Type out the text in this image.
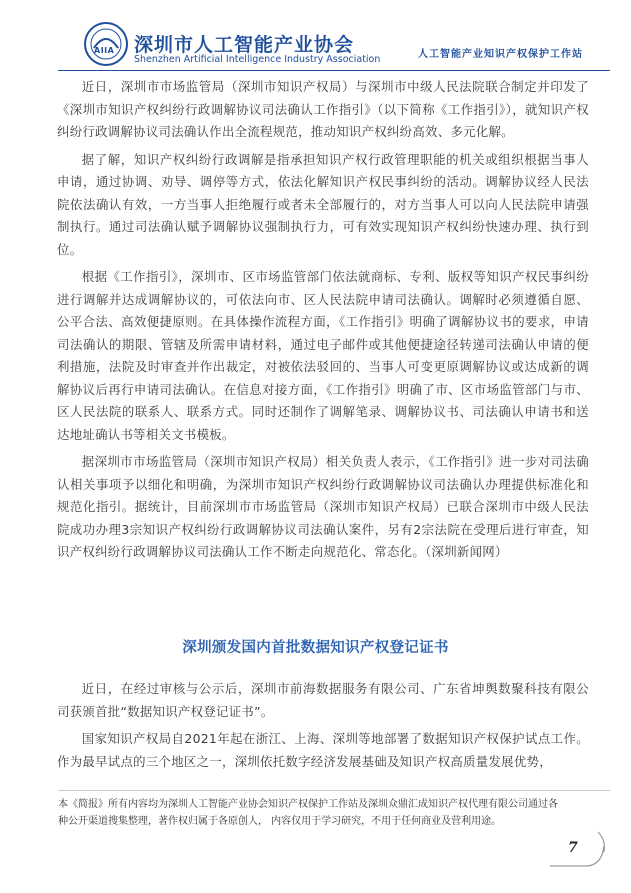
AIIA 深圳市人工智能产业协会
Shenzhen Artificial Intelligence Industry Association	人工智能产业知识产权保护工作站

近日，深圳市市场监管局（深圳市知识产权局）与深圳市中级人民法院联合制定并印发了《深圳市知识产权纠纷行政调解协议司法确认工作指引》（以下简称《工作指引》），就知识产权纠纷行政调解协议司法确认作出全流程规范，推动知识产权纠纷高效、多元化解。

据了解，知识产权纠纷行政调解是指承担知识产权行政管理职能的机关或组织根据当事人申请，通过协调、劝导、调停等方式，依法化解知识产权民事纠纷的活动。调解协议经人民法院依法确认有效，一方当事人拒绝履行或者未全部履行的，对方当事人可以向人民法院申请强制执行。通过司法确认赋予调解协议强制执行力，可有效实现知识产权纠纷快速办理、执行到位。

根据《工作指引》，深圳市、区市场监管部门依法就商标、专利、版权等知识产权民事纠纷进行调解并达成调解协议的，可依法向市、区人民法院申请司法确认。调解时必须遵循自愿、公平合法、高效便捷原则。在具体操作流程方面，《工作指引》明确了调解协议书的要求，申请司法确认的期限、管辖及所需申请材料，通过电子邮件或其他便捷途径转递司法确认申请的便利措施，法院及时审查并作出裁定，对被依法驳回的、当事人可变更原调解协议或达成新的调解协议后再行申请司法确认。在信息对接方面，《工作指引》明确了市、区市场监管部门与市、区人民法院的联系人、联系方式。同时还制作了调解笔录、调解协议书、司法确认申请书和送达地址确认书等相关文书模板。

据深圳市市场监管局（深圳市知识产权局）相关负责人表示，《工作指引》进一步对司法确认相关事项予以细化和明确，为深圳市知识产权纠纷行政调解协议司法确认办理提供标准化和规范化指引。据统计，目前深圳市市场监管局（深圳市知识产权局）已联合深圳市中级人民法院成功办理3宗知识产权纠纷行政调解协议司法确认案件，另有2宗法院在受理后进行审查，知识产权纠纷行政调解协议司法确认工作不断走向规范化、常态化。（深圳新闻网）

深圳颁发国内首批数据知识产权登记证书

近日，在经过审核与公示后，深圳市前海数据服务有限公司、广东省坤舆数聚科技有限公司获颁首批“数据知识产权登记证书”。

国家知识产权局自2021年起在浙江、上海、深圳等地部署了数据知识产权保护试点工作。作为最早试点的三个地区之一，深圳依托数字经济发展基础及知识产权高质量发展优势，

本《简报》所有内容均为深圳人工智能产业协会知识产权保护工作站及深圳众鼎汇成知识产权代理有限公司通过各种公开渠道搜集整理，著作权归属于各原创人， 内容仅用于学习研究，不用于任何商业及营利用途。
7
